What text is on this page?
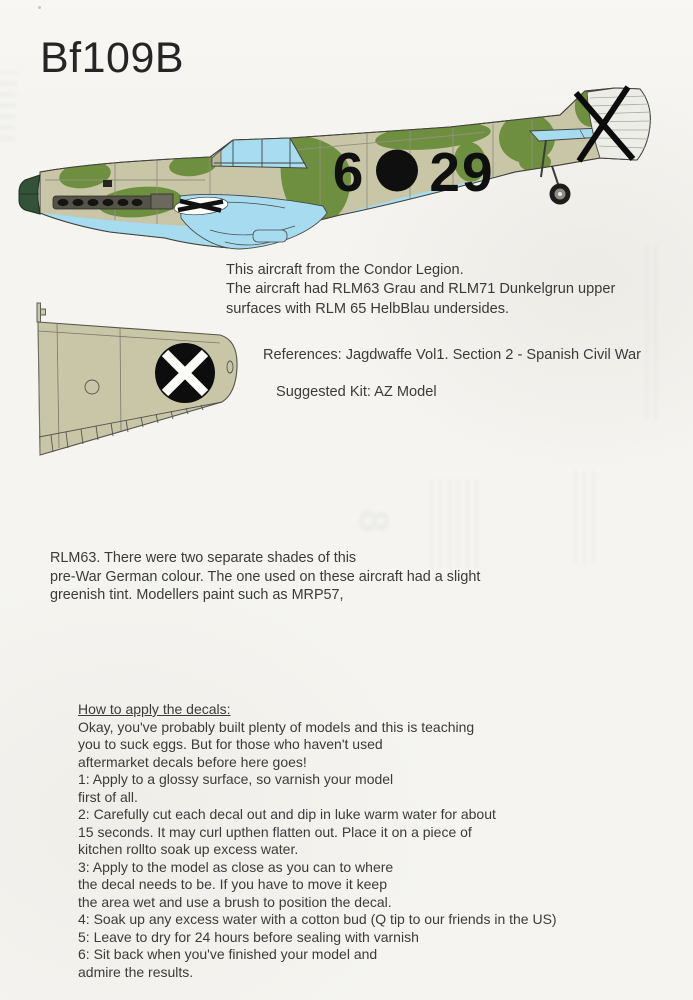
Bf109B
6 29
This aircraft from the Condor Legion.
The aircraft had RLM63 Grau and RLM71 Dunkelgrun upper
surfaces with RLM 65 HelbBlau undersides.
References: Jagdwaffe Vol1. Section 2 - Spanish Civil War
Suggested Kit: AZ Model
RLM63. There were two separate shades of this
pre-War German colour. The one used on these aircraft had a slight
greenish tint. Modellers paint such as MRP57,
How to apply the decals:
Okay, you've probably built plenty of models and this is teaching
you to suck eggs. But for those who haven't used
aftermarket decals before here goes!
1: Apply to a glossy surface, so varnish your model
first of all.
2: Carefully cut each decal out and dip in luke warm water for about
15 seconds. It may curl upthen flatten out. Place it on a piece of
kitchen rollto soak up excess water.
3: Apply to the model as close as you can to where
the decal needs to be. If you have to move it keep
the area wet and use a brush to position the decal.
4: Soak up any excess water with a cotton bud (Q tip to our friends in the US)
5: Leave to dry for 24 hours before sealing with varnish
6: Sit back when you've finished your model and
admire the results.
8
